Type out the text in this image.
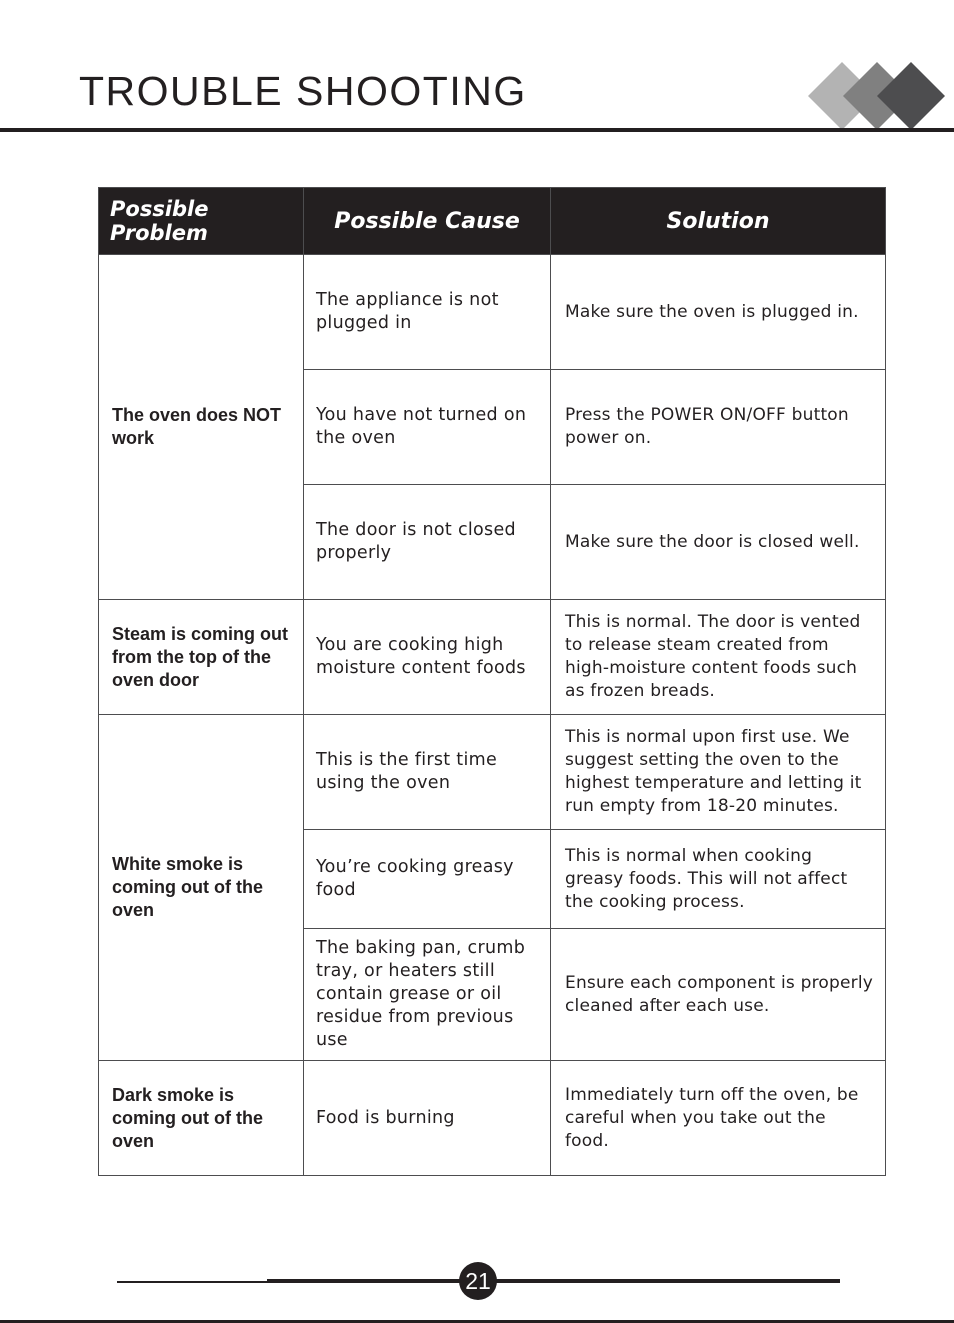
TROUBLE SHOOTING
Possible Problem	Possible Cause	Solution

The oven does NOT work	The appliance is not plugged in	Make sure the oven is plugged in.

	You have not turned on the oven	Press the POWER ON/OFF button power on.

	The door is not closed properly	Make sure the door is closed well.

Steam is coming out from the top of the oven door	You are cooking high moisture content foods	This is normal. The door is vented to release steam created from high-moisture content foods such as frozen breads.

White smoke is coming out of the oven	This is the first time using the oven	This is normal upon first use. We suggest setting the oven to the highest temperature and letting it run empty from 18-20 minutes.

	You’re cooking greasy food	This is normal when cooking greasy foods. This will not affect the cooking process.

	The baking pan, crumb tray, or heaters still contain grease or oil residue from previous use	Ensure each component is properly cleaned after each use.

Dark smoke is coming out of the oven	Food is burning	Immediately turn off the oven, be careful when you take out the food.
21
